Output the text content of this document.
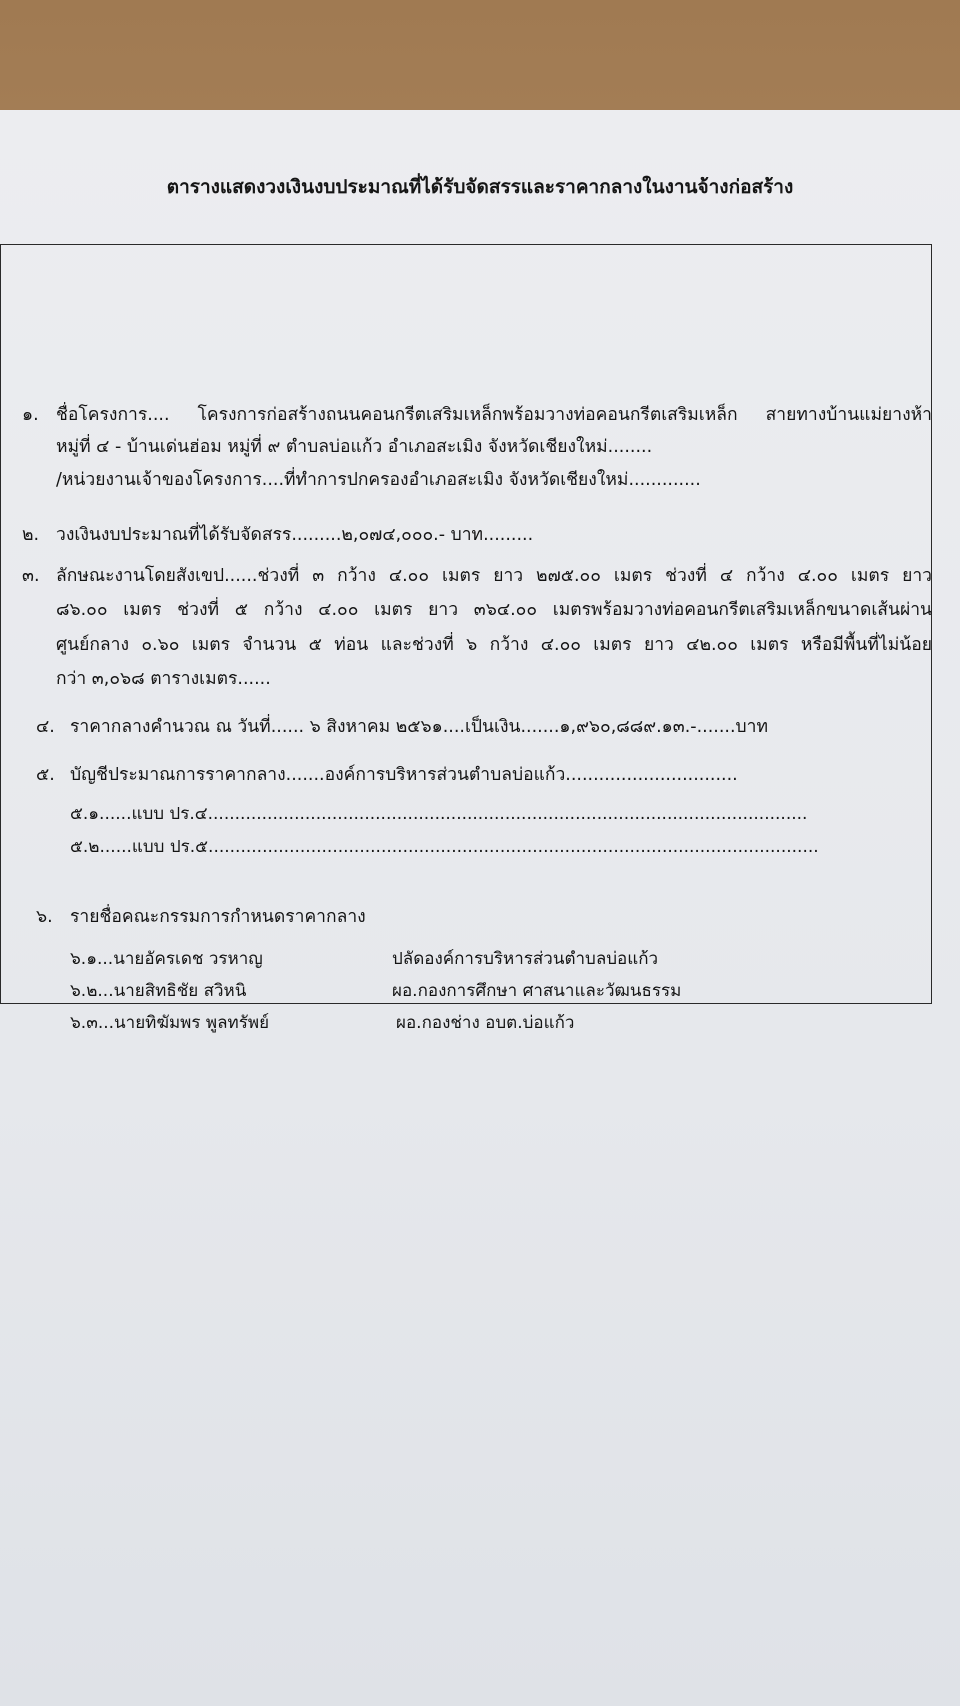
ตารางแสดงวงเงินงบประมาณที่ได้รับจัดสรรและราคากลางในงานจ้างก่อสร้าง
๑. ชื่อโครงการ.... โครงการก่อสร้างถนนคอนกรีตเสริมเหล็กพร้อมวางท่อคอนกรีตเสริมเหล็ก สายทางบ้านแม่ยางห้า
หมู่ที่ ๔ - บ้านเด่นฮ่อม หมู่ที่ ๙ ตำบลบ่อแก้ว อำเภอสะเมิง จังหวัดเชียงใหม่........
/หน่วยงานเจ้าของโครงการ....ที่ทำการปกครองอำเภอสะเมิง จังหวัดเชียงใหม่.............
๒. วงเงินงบประมาณที่ได้รับจัดสรร.........๒,๐๗๔,๐๐๐.- บาท.........
๓. ลักษณะงานโดยสังเขป......ช่วงที่ ๓ กว้าง ๔.๐๐ เมตร ยาว ๒๗๕.๐๐ เมตร ช่วงที่ ๔ กว้าง ๔.๐๐ เมตร ยาว
๘๖.๐๐ เมตร ช่วงที่ ๕ กว้าง ๔.๐๐ เมตร ยาว ๓๖๔.๐๐ เมตรพร้อมวางท่อคอนกรีตเสริมเหล็กขนาดเส้นผ่าน
ศูนย์กลาง ๐.๖๐ เมตร จำนวน ๕ ท่อน และช่วงที่ ๖ กว้าง ๔.๐๐ เมตร ยาว ๔๒.๐๐ เมตร หรือมีพื้นที่ไม่น้อย
กว่า ๓,๐๖๘ ตารางเมตร......
๔. ราคากลางคำนวณ ณ วันที่...... ๖ สิงหาคม ๒๕๖๑....เป็นเงิน.......๑,๙๖๐,๘๘๙.๑๓.-.......บาท
๕. บัญชีประมาณการราคากลาง.......องค์การบริหารส่วนตำบลบ่อแก้ว...............................
๕.๑......แบบ ปร.๔...............................................................................................................
๕.๒......แบบ ปร.๕.................................................................................................................
๖. รายชื่อคณะกรรมการกำหนดราคากลาง
๖.๑...นายอัครเดช วรหาญ	ปลัดองค์การบริหารส่วนตำบลบ่อแก้ว
๖.๒...นายสิทธิชัย สวิหนิ	ผอ.กองการศึกษา ศาสนาและวัฒนธรรม
๖.๓...นายทิฆัมพร พูลทรัพย์	ผอ.กองช่าง อบต.บ่อแก้ว
